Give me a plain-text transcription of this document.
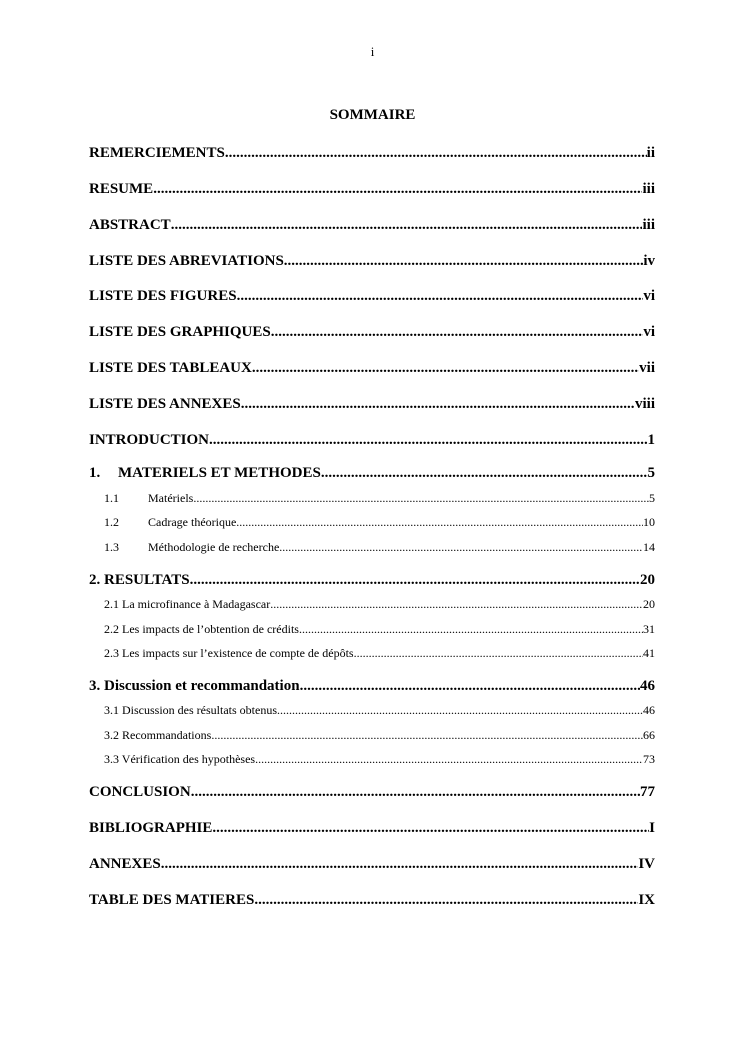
i
SOMMAIRE
REMERCIEMENTS .....	ii
RESUME .....	iii
ABSTRACT .....	iii
LISTE DES ABREVIATIONS .....	iv
LISTE DES FIGURES .....	vi
LISTE DES GRAPHIQUES .....	vi
LISTE DES TABLEAUX .....	vii
LISTE DES ANNEXES .....	viii
INTRODUCTION .....	1
1.	MATERIELS ET METHODES .....	5
1.1	Matériels .....	5
1.2	Cadrage théorique .....	10
1.3	Méthodologie de recherche .....	14
2. RESULTATS .....	20
2.1 La microfinance à Madagascar .....	20
2.2 Les impacts de l’obtention de crédits .....	31
2.3 Les impacts sur l’existence de compte de dépôts .....	41
3. Discussion et recommandation .....	46
3.1 Discussion des résultats obtenus .....	46
3.2 Recommandations .....	66
3.3 Vérification des hypothèses .....	73
CONCLUSION .....	77
BIBLIOGRAPHIE .....	I
ANNEXES .....	IV
TABLE DES MATIERES .....	IX
